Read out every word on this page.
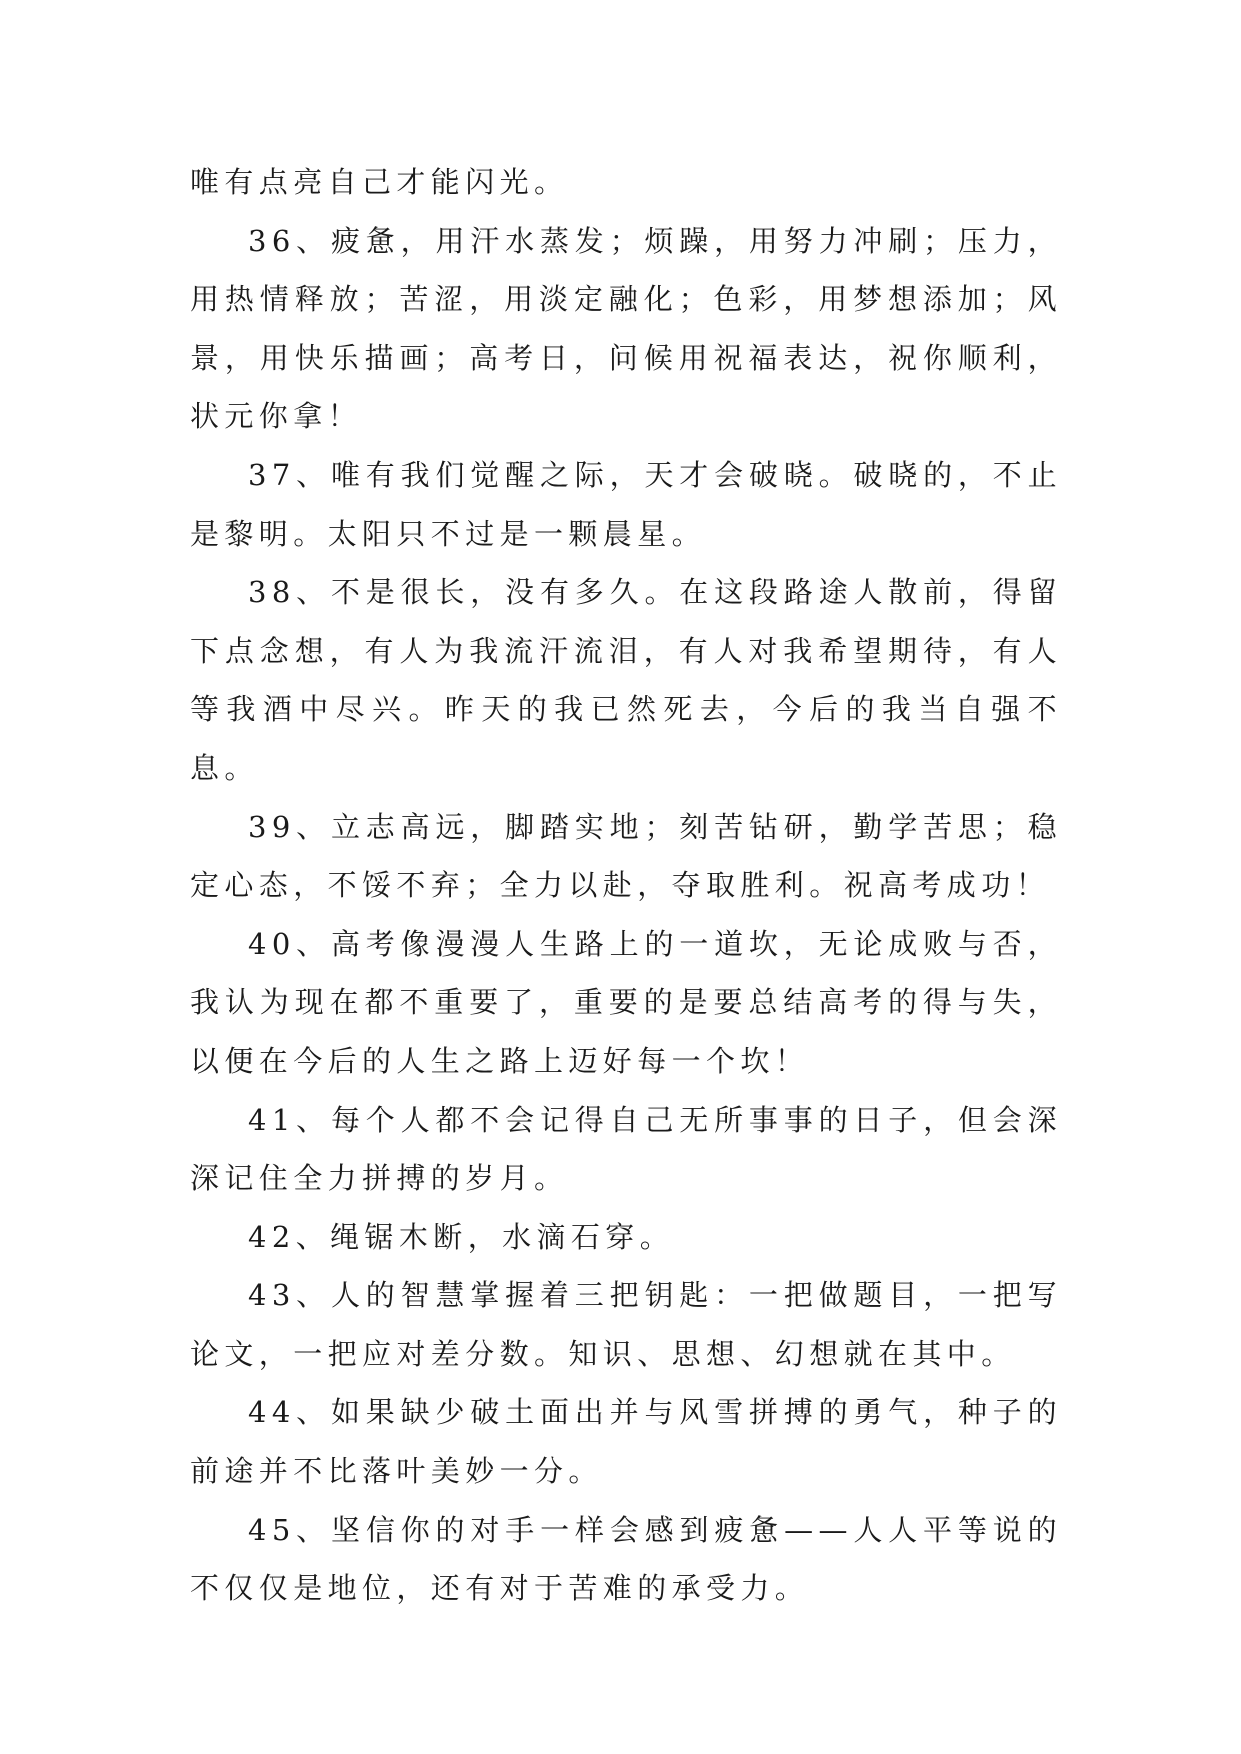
唯有点亮自己才能闪光。

36、疲惫，用汗水蒸发；烦躁，用努力冲刷；压力，用热情释放；苦涩，用淡定融化；色彩，用梦想添加；风景，用快乐描画；高考日，问候用祝福表达，祝你顺利，状元你拿！

37、唯有我们觉醒之际，天才会破晓。破晓的，不止是黎明。太阳只不过是一颗晨星。

38、不是很长，没有多久。在这段路途人散前，得留下点念想，有人为我流汗流泪，有人对我希望期待，有人等我酒中尽兴。昨天的我已然死去，今后的我当自强不息。

39、立志高远，脚踏实地；刻苦钻研，勤学苦思；稳定心态，不馁不弃；全力以赴，夺取胜利。祝高考成功！

40、高考像漫漫人生路上的一道坎，无论成败与否，我认为现在都不重要了，重要的是要总结高考的得与失，以便在今后的人生之路上迈好每一个坎！

41、每个人都不会记得自己无所事事的日子，但会深深记住全力拼搏的岁月。

42、绳锯木断，水滴石穿。

43、人的智慧掌握着三把钥匙：一把做题目，一把写论文，一把应对差分数。知识、思想、幻想就在其中。

44、如果缺少破土面出并与风雪拼搏的勇气，种子的前途并不比落叶美妙一分。

45、坚信你的对手一样会感到疲惫——人人平等说的不仅仅是地位，还有对于苦难的承受力。
